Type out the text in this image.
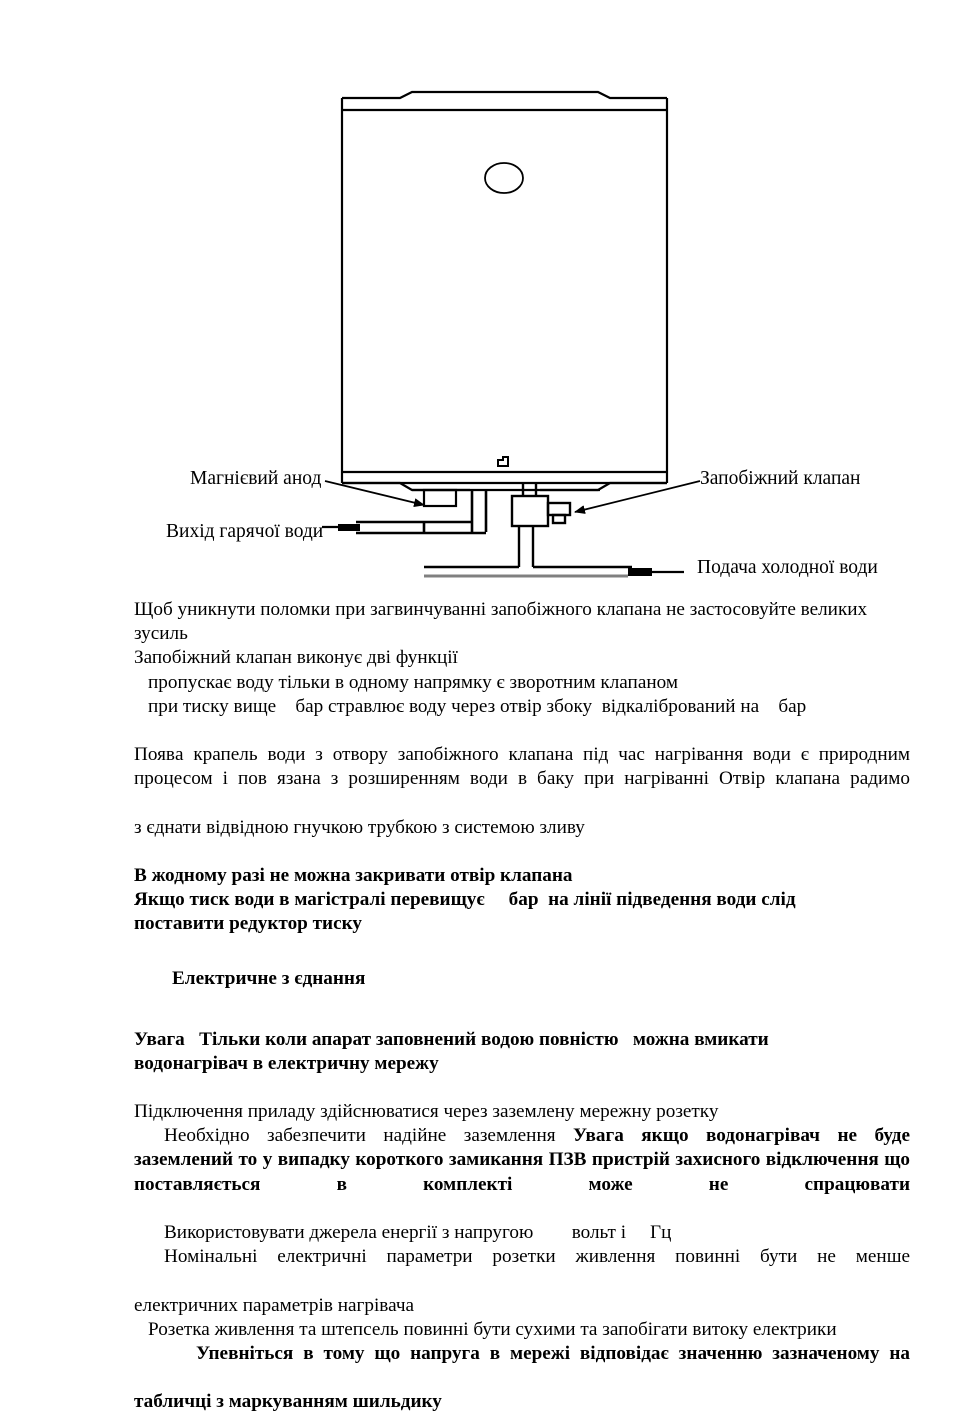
Магнієвий анод
Вихід гарячої води
Запобіжний клапан
Подача холодної води

Щоб уникнути поломки при загвинчуванні запобіжного клапана не застосовуйте великих

зусиль

Запобіжний клапан виконує дві функції

пропускає воду тільки в одному напрямку є зворотним клапаном

при тиску вище    бар стравлює воду через отвір збоку  відкалібрований на    бар

Появa крапель води з отвору запобіжного клапана під час нагрівання води є природним процесом і пов язана з розширенням води в баку при нагріванні Отвір клапана радимо

з єднати відвідною гнучкою трубкою з системою зливу

В жодному разі не можна закривати отвір клапана

Якщо тиск води в магістралі перевищує     бар  на лінії підведення води слід

поставити редуктор тиску

Електричне з єднання

Увага   Тільки коли апарат заповнений водою повністю   можна вмикати

водонагрівач в електричну мережу

Підключення приладу здійснюватися через заземлену мережну розетку

Необхідно забезпечити надійне заземлення Увага якщо водонагрівач не буде заземлений то у випадку короткого замикання ПЗВ пристрій захисного відключення що поставляється в комплекті може не спрацювати

Використовувати джерела енергії з напругою        вольт і     Гц

Номінальні електричні параметри розетки живлення повинні бути не менше

електричних параметрів нагрівача

Розетка живлення та штепсель повинні бути сухими та запобігати витоку електрики

Упевніться в тому що напруга в мережі відповідає значенню зазначеному на

табличці з маркуванням шильдику
